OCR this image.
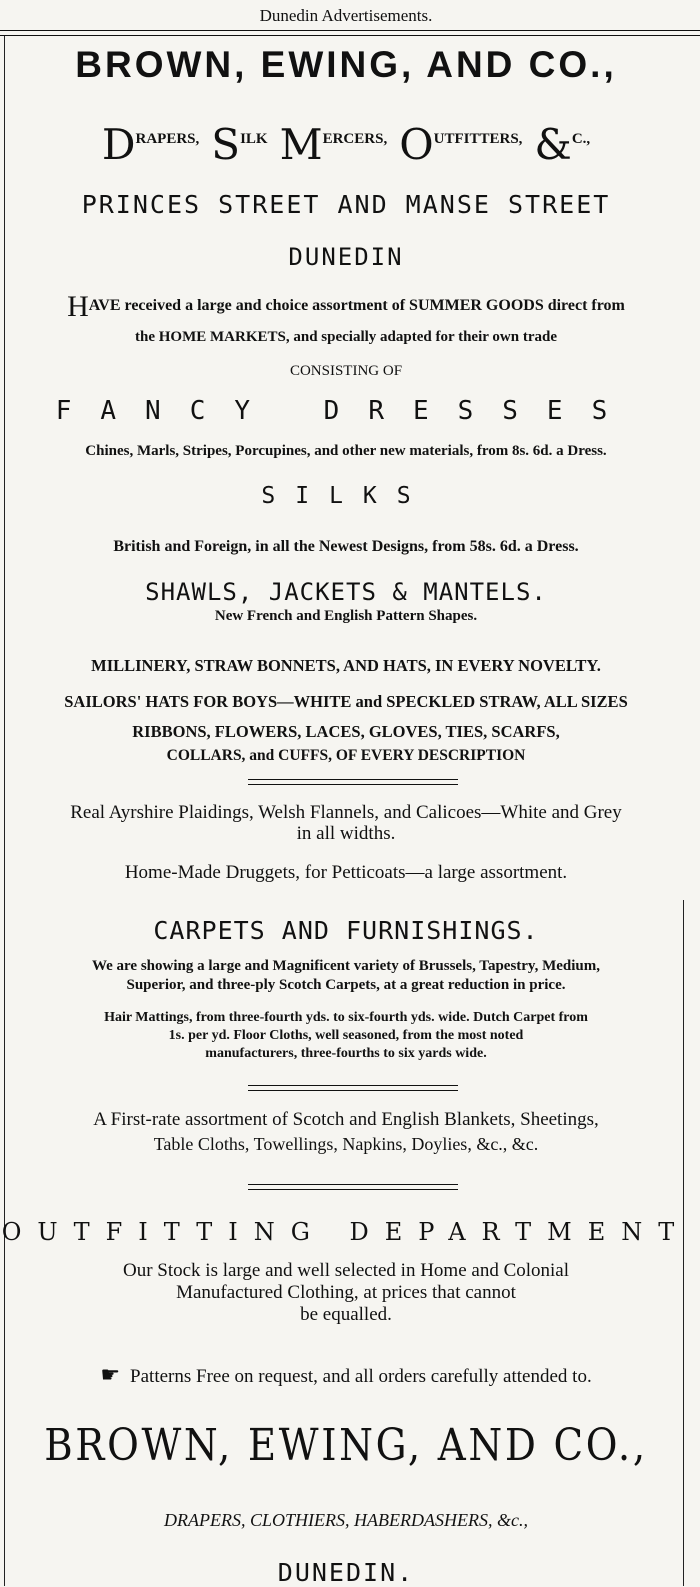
Dunedin Advertisements.
BROWN, EWING, AND CO.,
DRAPERS, SILK MERCERS, OUTFITTERS, &C.,
PRINCES STREET AND MANSE STREET
DUNEDIN
HAVE received a large and choice assortment of SUMMER GOODS direct from
the HOME MARKETS, and specially adapted for their own trade
CONSISTING OF
FANCY DRESSES
Chines, Marls, Stripes, Porcupines, and other new materials, from 8s. 6d. a Dress.
SILKS
British and Foreign, in all the Newest Designs, from 58s. 6d. a Dress.
SHAWLS, JACKETS & MANTELS.
New French and English Pattern Shapes.
MILLINERY, STRAW BONNETS, AND HATS, IN EVERY NOVELTY.
SAILORS' HATS FOR BOYS—WHITE and SPECKLED STRAW, ALL SIZES
RIBBONS, FLOWERS, LACES, GLOVES, TIES, SCARFS,
COLLARS, and CUFFS, OF EVERY DESCRIPTION
Real Ayrshire Plaidings, Welsh Flannels, and Calicoes—White and Grey
in all widths.
Home-Made Druggets, for Petticoats—a large assortment.
CARPETS AND FURNISHINGS.
We are showing a large and Magnificent variety of Brussels, Tapestry, Medium,
Superior, and three-ply Scotch Carpets, at a great reduction in price.
Hair Mattings, from three-fourth yds. to six-fourth yds. wide. Dutch Carpet from
1s. per yd. Floor Cloths, well seasoned, from the most noted
manufacturers, three-fourths to six yards wide.
A First-rate assortment of Scotch and English Blankets, Sheetings,
Table Cloths, Towellings, Napkins, Doylies, &c., &c.
OUTFITTING DEPARTMENT
Our Stock is large and well selected in Home and Colonial
Manufactured Clothing, at prices that cannot
be equalled.
☛ Patterns Free on request, and all orders carefully attended to.
BROWN, EWING, AND CO.,
DRAPERS, CLOTHIERS, HABERDASHERS, &c.,
DUNEDIN.
